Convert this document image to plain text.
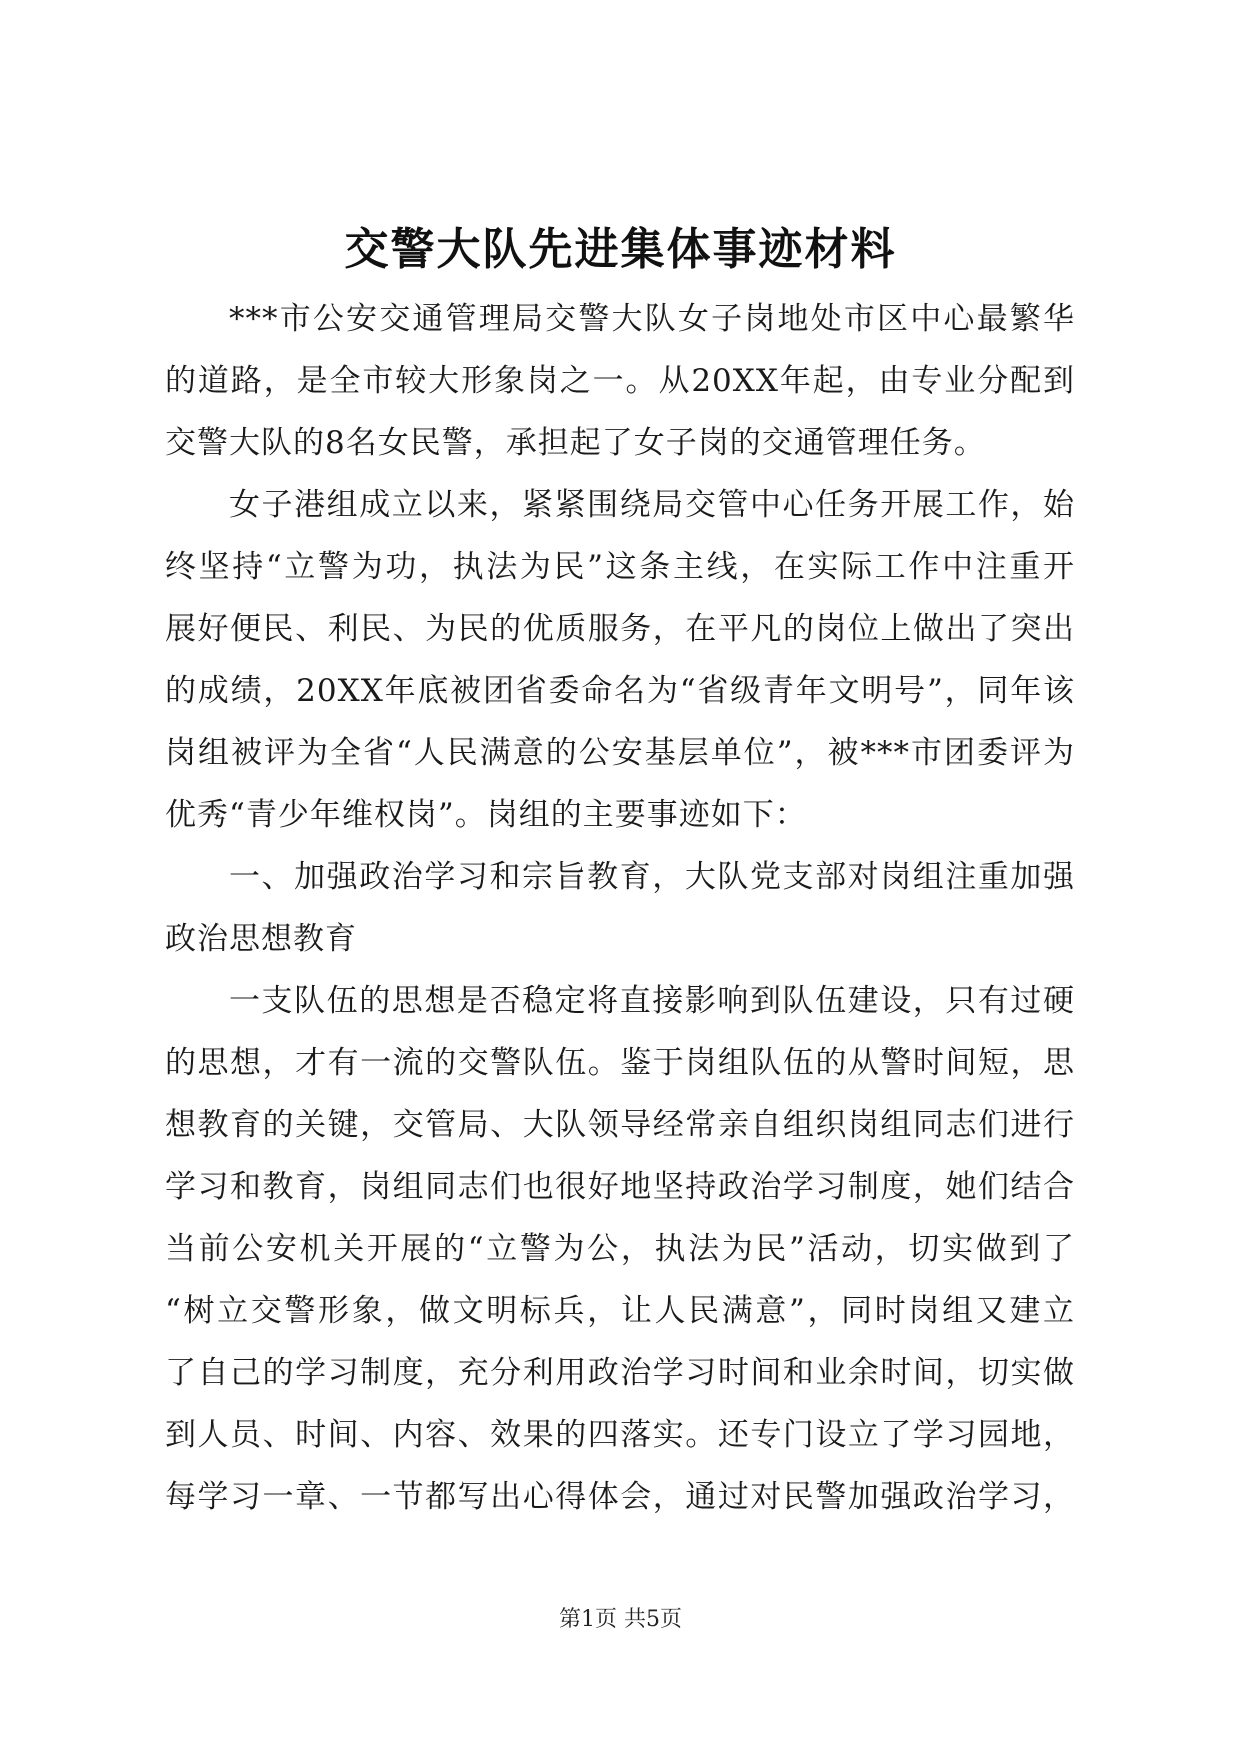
交警大队先进集体事迹材料
***市公安交通管理局交警大队女子岗地处市区中心最繁华
的道路，是全市较大形象岗之一。从20XX年起，由专业分配到
交警大队的8名女民警，承担起了女子岗的交通管理任务。
女子港组成立以来，紧紧围绕局交管中心任务开展工作，始
终坚持“立警为功，执法为民”这条主线，在实际工作中注重开
展好便民、利民、为民的优质服务，在平凡的岗位上做出了突出
的成绩，20XX年底被团省委命名为“省级青年文明号”，同年该
岗组被评为全省“人民满意的公安基层单位”，被***市团委评为
优秀“青少年维权岗”。岗组的主要事迹如下：
一、加强政治学习和宗旨教育，大队党支部对岗组注重加强
政治思想教育
一支队伍的思想是否稳定将直接影响到队伍建设，只有过硬
的思想，才有一流的交警队伍。鉴于岗组队伍的从警时间短，思
想教育的关键，交管局、大队领导经常亲自组织岗组同志们进行
学习和教育，岗组同志们也很好地坚持政治学习制度，她们结合
当前公安机关开展的“立警为公，执法为民”活动，切实做到了
“树立交警形象，做文明标兵，让人民满意”，同时岗组又建立
了自己的学习制度，充分利用政治学习时间和业余时间，切实做
到人员、时间、内容、效果的四落实。还专门设立了学习园地，
每学习一章、一节都写出心得体会，通过对民警加强政治学习，
第1页 共5页
